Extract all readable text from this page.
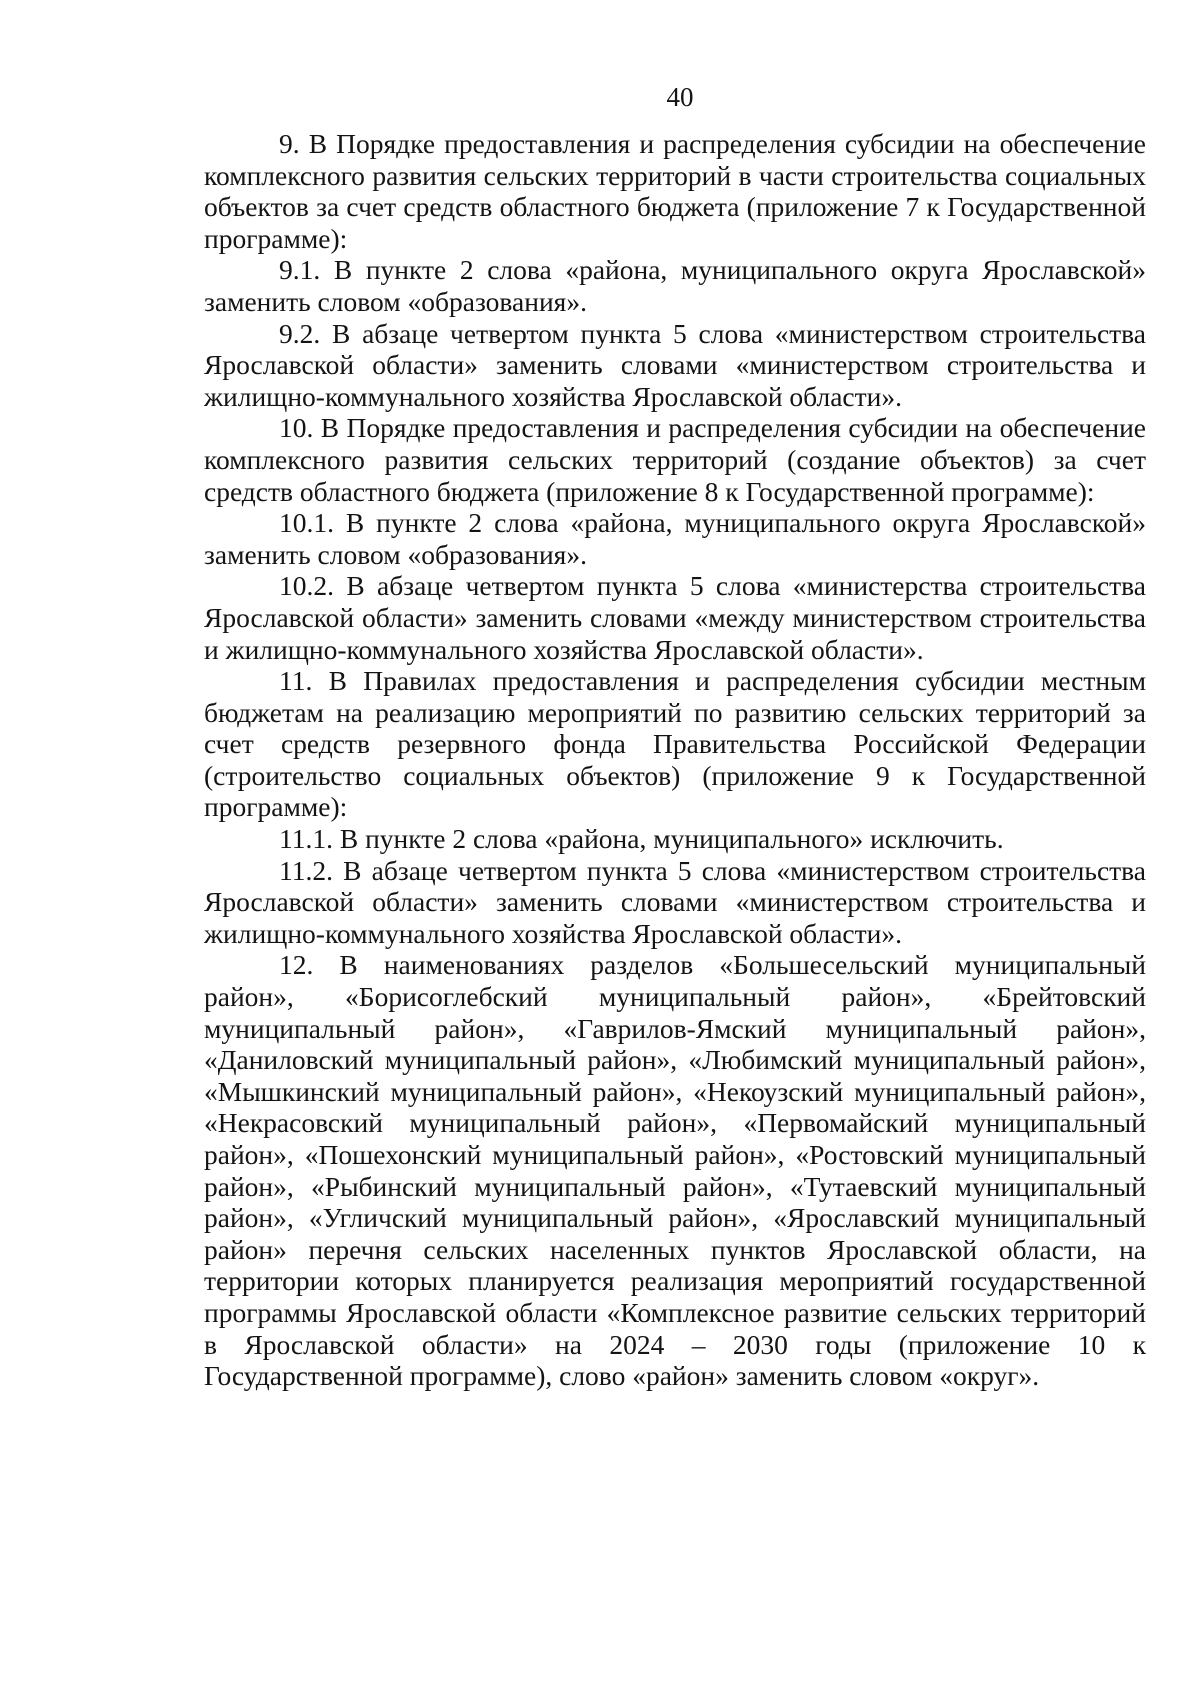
40

9. В Порядке предоставления и распределения субсидии на обеспечение комплексного развития сельских территорий в части строительства социальных объектов за счет средств областного бюджета (приложение 7 к Государственной программе):

9.1. В пункте 2 слова «района, муниципального округа Ярославской» заменить словом «образования».

9.2. В абзаце четвертом пункта 5 слова «министерством строительства Ярославской области» заменить словами «министерством строительства и жилищно-коммунального хозяйства Ярославской области».

10. В Порядке предоставления и распределения субсидии на обеспечение комплексного развития сельских территорий (создание объектов) за счет средств областного бюджета (приложение 8 к Государственной программе):

10.1. В пункте 2 слова «района, муниципального округа Ярославской» заменить словом «образования».

10.2. В абзаце четвертом пункта 5 слова «министерства строительства Ярославской области» заменить словами «между министерством строительства и жилищно-коммунального хозяйства Ярославской области».

11. В Правилах предоставления и распределения субсидии местным бюджетам на реализацию мероприятий по развитию сельских территорий за счет средств резервного фонда Правительства Российской Федерации (строительство социальных объектов) (приложение 9 к Государственной программе):

11.1. В пункте 2 слова «района, муниципального» исключить.

11.2. В абзаце четвертом пункта 5 слова «министерством строительства Ярославской области» заменить словами «министерством строительства и жилищно-коммунального хозяйства Ярославской области».

12. В наименованиях разделов «Большесельский муниципальный район», «Борисоглебский муниципальный район», «Брейтовский муниципальный район», «Гаврилов-Ямский муниципальный район», «Даниловский муниципальный район», «Любимский муниципальный район», «Мышкинский муниципальный район», «Некоузский муниципальный район», «Некрасовский муниципальный район», «Первомайский муниципальный район», «Пошехонский муниципальный район», «Ростовский муниципальный район», «Рыбинский муниципальный район», «Тутаевский муниципальный район», «Угличский муниципальный район», «Ярославский муниципальный район» перечня сельских населенных пунктов Ярославской области, на территории которых планируется реализация мероприятий государственной программы Ярославской области «Комплексное развитие сельских территорий в Ярославской области» на 2024 – 2030 годы (приложение 10 к Государственной программе), слово «район» заменить словом «округ».
